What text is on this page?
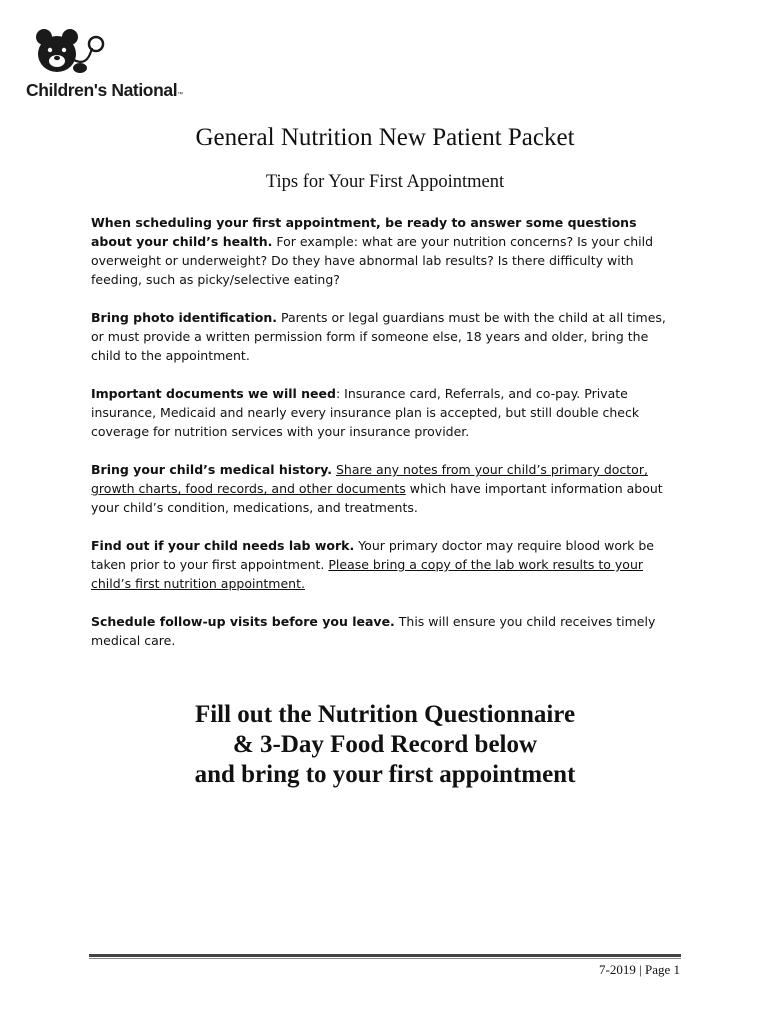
Children's National™
General Nutrition New Patient Packet
Tips for Your First Appointment

When scheduling your first appointment, be ready to answer some questions about your child’s health. For example: what are your nutrition concerns? Is your child overweight or underweight? Do they have abnormal lab results? Is there difficulty with feeding, such as picky/selective eating?

Bring photo identification. Parents or legal guardians must be with the child at all times, or must provide a written permission form if someone else, 18 years and older, bring the child to the appointment.

Important documents we will need: Insurance card, Referrals, and co-pay. Private insurance, Medicaid and nearly every insurance plan is accepted, but still double check coverage for nutrition services with your insurance provider.

Bring your child’s medical history. Share any notes from your child’s primary doctor, growth charts, food records, and other documents which have important information about your child’s condition, medications, and treatments.

Find out if your child needs lab work. Your primary doctor may require blood work be taken prior to your first appointment. Please bring a copy of the lab work results to your child’s first nutrition appointment.

Schedule follow-up visits before you leave. This will ensure you child receives timely medical care.

Fill out the Nutrition Questionnaire
& 3-Day Food Record below
and bring to your first appointment
7-2019 | Page 1
